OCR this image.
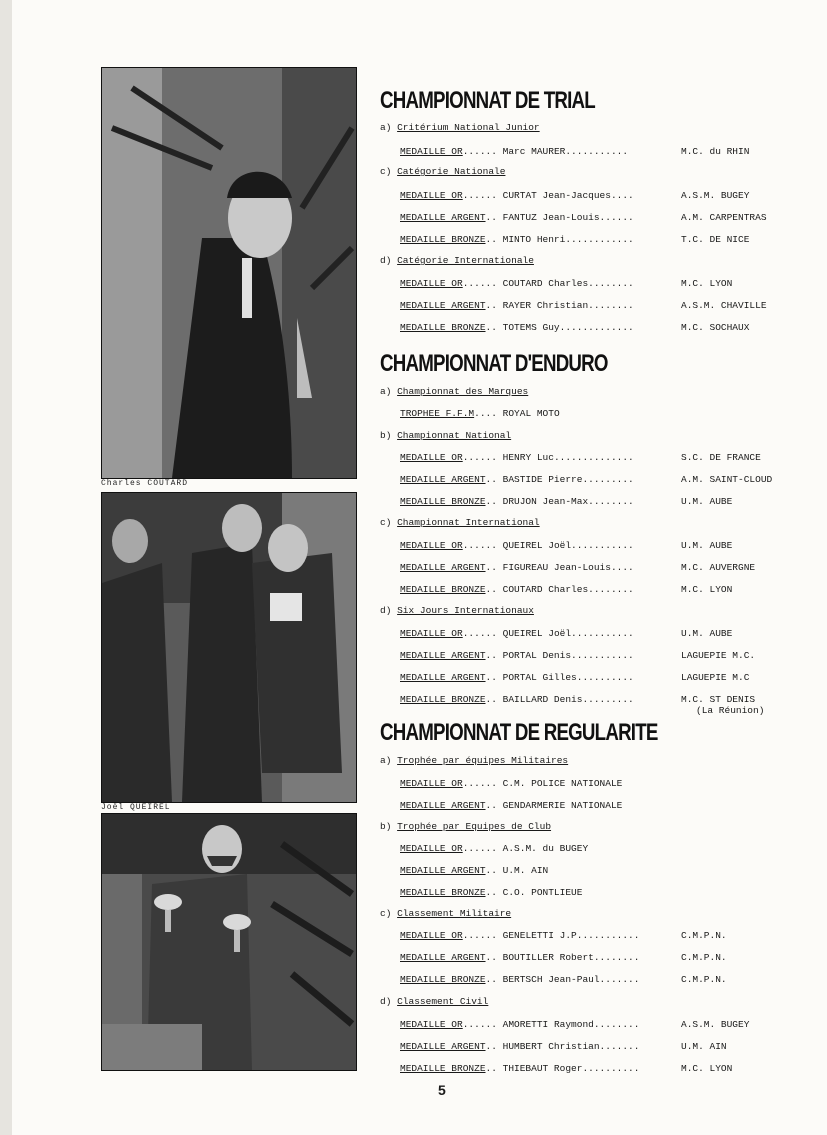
Charles COUTARD
Joël QUEIREL
CHAMPIONNAT DE TRIAL
a) Critérium National Junior
MEDAILLE OR...... Marc MAURER...........	M.C. du RHIN
c) Catégorie Nationale
MEDAILLE OR...... CURTAT Jean-Jacques....	A.S.M. BUGEY
MEDAILLE ARGENT.. FANTUZ Jean-Louis......	A.M. CARPENTRAS
MEDAILLE BRONZE.. MINTO Henri............	T.C. DE NICE
d) Catégorie Internationale
MEDAILLE OR...... COUTARD Charles........	M.C. LYON
MEDAILLE ARGENT.. RAYER Christian........	A.S.M. CHAVILLE
MEDAILLE BRONZE.. TOTEMS Guy.............	M.C. SOCHAUX
CHAMPIONNAT D'ENDURO
a) Championnat des Marques
TROPHEE F.F.M.... ROYAL MOTO
b) Championnat National
MEDAILLE OR...... HENRY Luc..............	S.C. DE FRANCE
MEDAILLE ARGENT.. BASTIDE Pierre.........	A.M. SAINT-CLOUD
MEDAILLE BRONZE.. DRUJON Jean-Max........	U.M. AUBE
c) Championnat International
MEDAILLE OR...... QUEIREL Joël...........	U.M. AUBE
MEDAILLE ARGENT.. FIGUREAU Jean-Louis....	M.C. AUVERGNE
MEDAILLE BRONZE.. COUTARD Charles........	M.C. LYON
d) Six Jours Internationaux
MEDAILLE OR...... QUEIREL Joël...........	U.M. AUBE
MEDAILLE ARGENT.. PORTAL Denis...........	LAGUEPIE M.C.
MEDAILLE ARGENT.. PORTAL Gilles..........	LAGUEPIE M.C
MEDAILLE BRONZE.. BAILLARD Denis.........	M.C. ST DENIS
(La Réunion)
CHAMPIONNAT DE REGULARITE
a) Trophée par équipes Militaires
MEDAILLE OR...... C.M. POLICE NATIONALE
MEDAILLE ARGENT.. GENDARMERIE NATIONALE
b) Trophée par Equipes de Club
MEDAILLE OR...... A.S.M. du BUGEY
MEDAILLE ARGENT.. U.M. AIN
MEDAILLE BRONZE.. C.O. PONTLIEUE
c) Classement Militaire
MEDAILLE OR...... GENELETTI J.P...........	C.M.P.N.
MEDAILLE ARGENT.. BOUTILLER Robert........	C.M.P.N.
MEDAILLE BRONZE.. BERTSCH Jean-Paul.......	C.M.P.N.
d) Classement Civil
MEDAILLE OR...... AMORETTI Raymond........	A.S.M. BUGEY
MEDAILLE ARGENT.. HUMBERT Christian.......	U.M. AIN
MEDAILLE BRONZE.. THIEBAUT Roger..........	M.C. LYON
5
